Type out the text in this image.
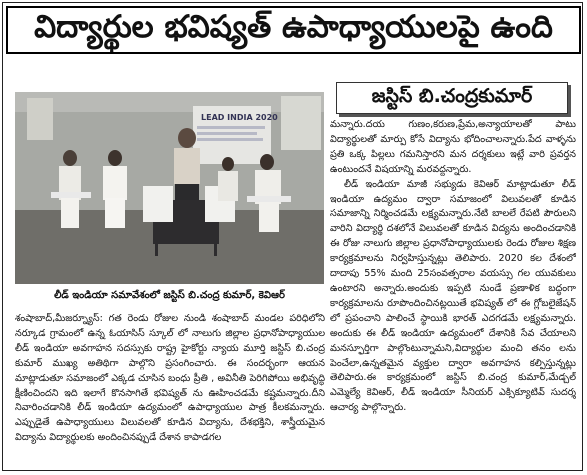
విద్యార్థుల భవిష్యత్ ఉపాధ్యాయులపై ఉంది
LEAD INDIA 2020
లీడ్ ఇండియా సమావేశంలో జస్టిస్ బి.చంద్ర కుమార్, కెవిఆర్
జస్టిస్ బి.చంద్రకుమార్

మన్నారు.దయ గుణం,కరుణ,ప్రేమ,అన్యాయాలతో పాటు విద్యార్థులతో మార్పు కోసే విద్యాను భోదించాలన్నారు.పేద వాళ్ళను ప్రతి ఒక్క పిల్లలు గమనిస్తారని మన దర్శకులు ఇట్లే వారి ప్రవర్తన ఉంటుందనే విషయాన్ని మరవద్దన్నారు.

లీడ్ ఇండియా మాజీ సభ్యుడు కెవిఆర్ మాట్లాడుతూ లీడ్ ఇండియా ఉద్యమం ద్వారా సమాజంలో విలువలతో కూడిన సమాజాన్ని నిర్మించడమే లక్ష్యమన్నారు.నేటి బాలలే రేపటి పౌరులని వారిని విద్యార్థి దశలోనే విలువలతో కూడిన విద్యను అందించడానికి ఈ రోజు నాలుగు జిల్లాల ప్రధానోపాధ్యాయులకు రెండు రోజుల శిక్షణ కార్యక్రమాలను నిర్వహిస్తున్నట్లు తెలిపారు. 2020 కల దేశంలో దాదాపు 55% మంది 25సంవత్సరాల వయస్సు గల యువకులు ఉంటారని అన్నారు.అందుకు ఇప్పటి నుండే ప్రణాళిక బద్ధంగా కార్యక్రమాలను రూపొందించినట్లయితే భవిష్యత్ లో ఈ గ్లోబలైజేషన్ లో ప్రపంచాని పాలించే స్థాయికి భారత్ ఎదగడమే లక్ష్యమన్నారు. అందుకు ఈ లీడ్ ఇండియా ఉద్యమంలో దేశానికి సేవ చేయాలని మనస్ఫూర్తిగా పాల్గొంటున్నామని,విద్యార్థుల మంచి తనం లను పెంచేలా,ఉన్నతమైన వ్యక్తుల ద్వారా అవగాహన కల్పిస్తున్నట్లు తెలిపారు.ఈ కార్యక్రమంలో జస్టిస్ బి.చంద్ర కుమార్,మేడ్చల్ ఎమ్మెల్యే కెవిఆర్, లీడ్ ఇండియా సీనియర్ ఎక్సిక్యూటివ్ సుదర్శ ఆచార్య పాల్గొన్నారు.

శంషాబాద్,మీజర్న్యూస్: గత రెండు రోజుల నుండి శంషాబాద్ మండల పరిధిలోని నర్కూడ గ్రామంలో ఉన్న ఓయాసిస్ స్కూల్ లో నాలుగు జిల్లాల ప్రధానోపాధ్యాయుల లీడ్ ఇండియా అవగాహన సదస్సుకు రాష్ట్ర హైకోర్టు న్యాయ మూర్తి జస్టిస్ బి.చంద్ర కుమార్ ముఖ్య అతిథిగా పాల్గొని ప్రసంగించారు. ఈ సందర్భంగా ఆయన మాట్లాడుతూ సమాజంలో ఎక్కడ చూసిన బంధు ప్రీతి , అవినీతి పెరిగిపోయి అభివృద్ధి క్షీణించిందని ఇది ఇలాగే కొనసాగితే భవిష్యత్ ను ఊహించడమే కష్టమన్నారు.దీని నివారించడానికి లీడ్ ఇండియా ఉద్యమంలో ఉపాధ్యాయుల పాత్ర కీలకమన్నారు. ఎప్పుడైతే ఉపాధ్యాయులు విలువలతో కూడిన విద్యాను, దేశభక్తిని, శాస్త్రీయమైన విద్యాను విద్యార్థులకు అందించినప్పుడే దేశాన కాపాడగల
